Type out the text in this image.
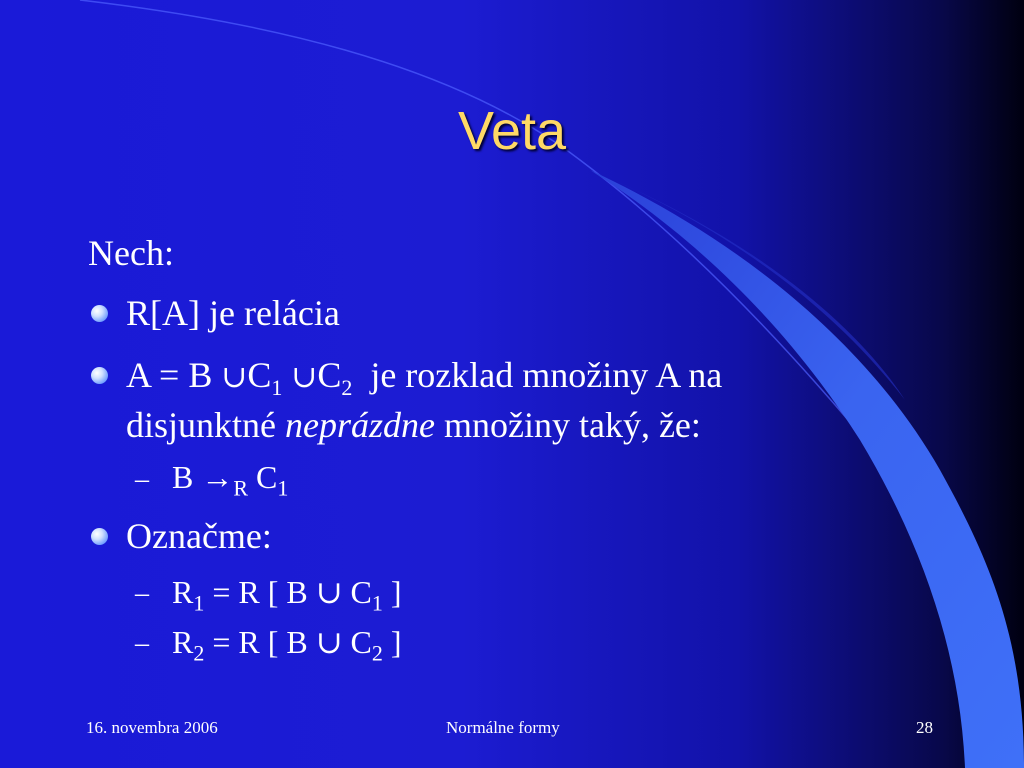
Veta
Nech:
R[A] je relácia
A = B $\cup C_1$ $\cup C_2$ je rozklad množiny A na
disjunktné neprázdne množiny taký, že:
– $B \to_R$ $C_1$
Označme:
– $R_1 = R$ [ B ∪ $C_1$ ]
– $R_2 = R$ [ B ∪ $C_2$ ]
16. novembra 2006	Normálne formy	28
